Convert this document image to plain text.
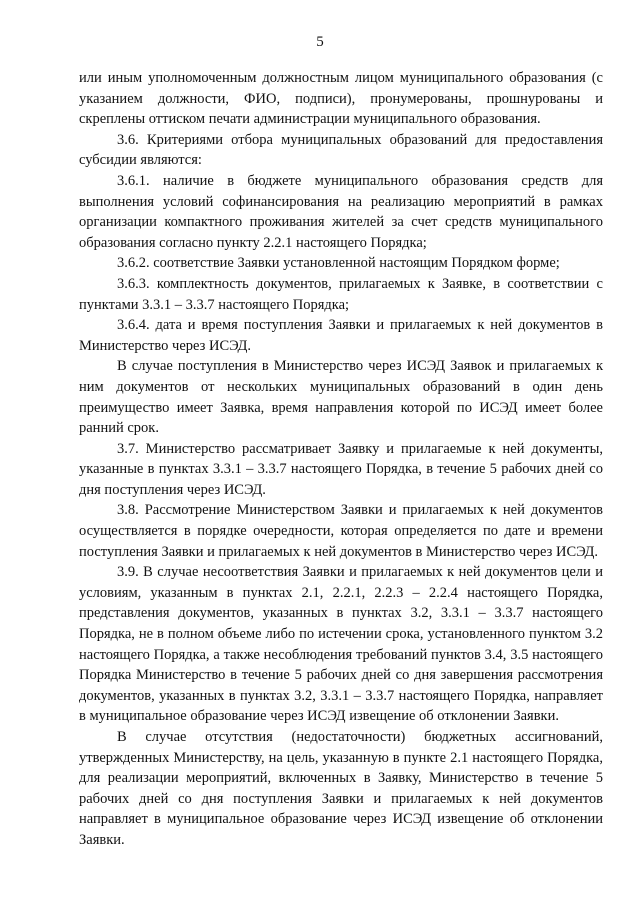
5

или иным уполномоченным должностным лицом муниципального образования (с указанием должности, ФИО, подписи), пронумерованы, прошнурованы и скреплены оттиском печати администрации муниципального образования.

3.6. Критериями отбора муниципальных образований для предоставления субсидии являются:

3.6.1. наличие в бюджете муниципального образования средств для выполнения условий софинансирования на реализацию мероприятий в рамках организации компактного проживания жителей за счет средств муниципального образования согласно пункту 2.2.1 настоящего Порядка;

3.6.2. соответствие Заявки установленной настоящим Порядком форме;

3.6.3. комплектность документов, прилагаемых к Заявке, в соответствии с пунктами 3.3.1 – 3.3.7 настоящего Порядка;

3.6.4. дата и время поступления Заявки и прилагаемых к ней документов в Министерство через ИСЭД.

В случае поступления в Министерство через ИСЭД Заявок и прилагаемых к ним документов от нескольких муниципальных образований в один день преимущество имеет Заявка, время направления которой по ИСЭД имеет более ранний срок.

3.7. Министерство рассматривает Заявку и прилагаемые к ней документы, указанные в пунктах 3.3.1 – 3.3.7 настоящего Порядка, в течение 5 рабочих дней со дня поступления через ИСЭД.

3.8. Рассмотрение Министерством Заявки и прилагаемых к ней документов осуществляется в порядке очередности, которая определяется по дате и времени поступления Заявки и прилагаемых к ней документов в Министерство через ИСЭД.

3.9. В случае несоответствия Заявки и прилагаемых к ней документов цели и условиям, указанным в пунктах 2.1, 2.2.1, 2.2.3 – 2.2.4 настоящего Порядка, представления документов, указанных в пунктах 3.2, 3.3.1 – 3.3.7 настоящего Порядка, не в полном объеме либо по истечении срока, установленного пунктом 3.2 настоящего Порядка, а также несоблюдения требований пунктов 3.4, 3.5 настоящего Порядка Министерство в течение 5 рабочих дней со дня завершения рассмотрения документов, указанных в пунктах 3.2, 3.3.1 – 3.3.7 настоящего Порядка, направляет в муниципальное образование через ИСЭД извещение об отклонении Заявки.

В случае отсутствия (недостаточности) бюджетных ассигнований, утвержденных Министерству, на цель, указанную в пункте 2.1 настоящего Порядка, для реализации мероприятий, включенных в Заявку, Министерство в течение 5 рабочих дней со дня поступления Заявки и прилагаемых к ней документов направляет в муниципальное образование через ИСЭД извещение об отклонении Заявки.
